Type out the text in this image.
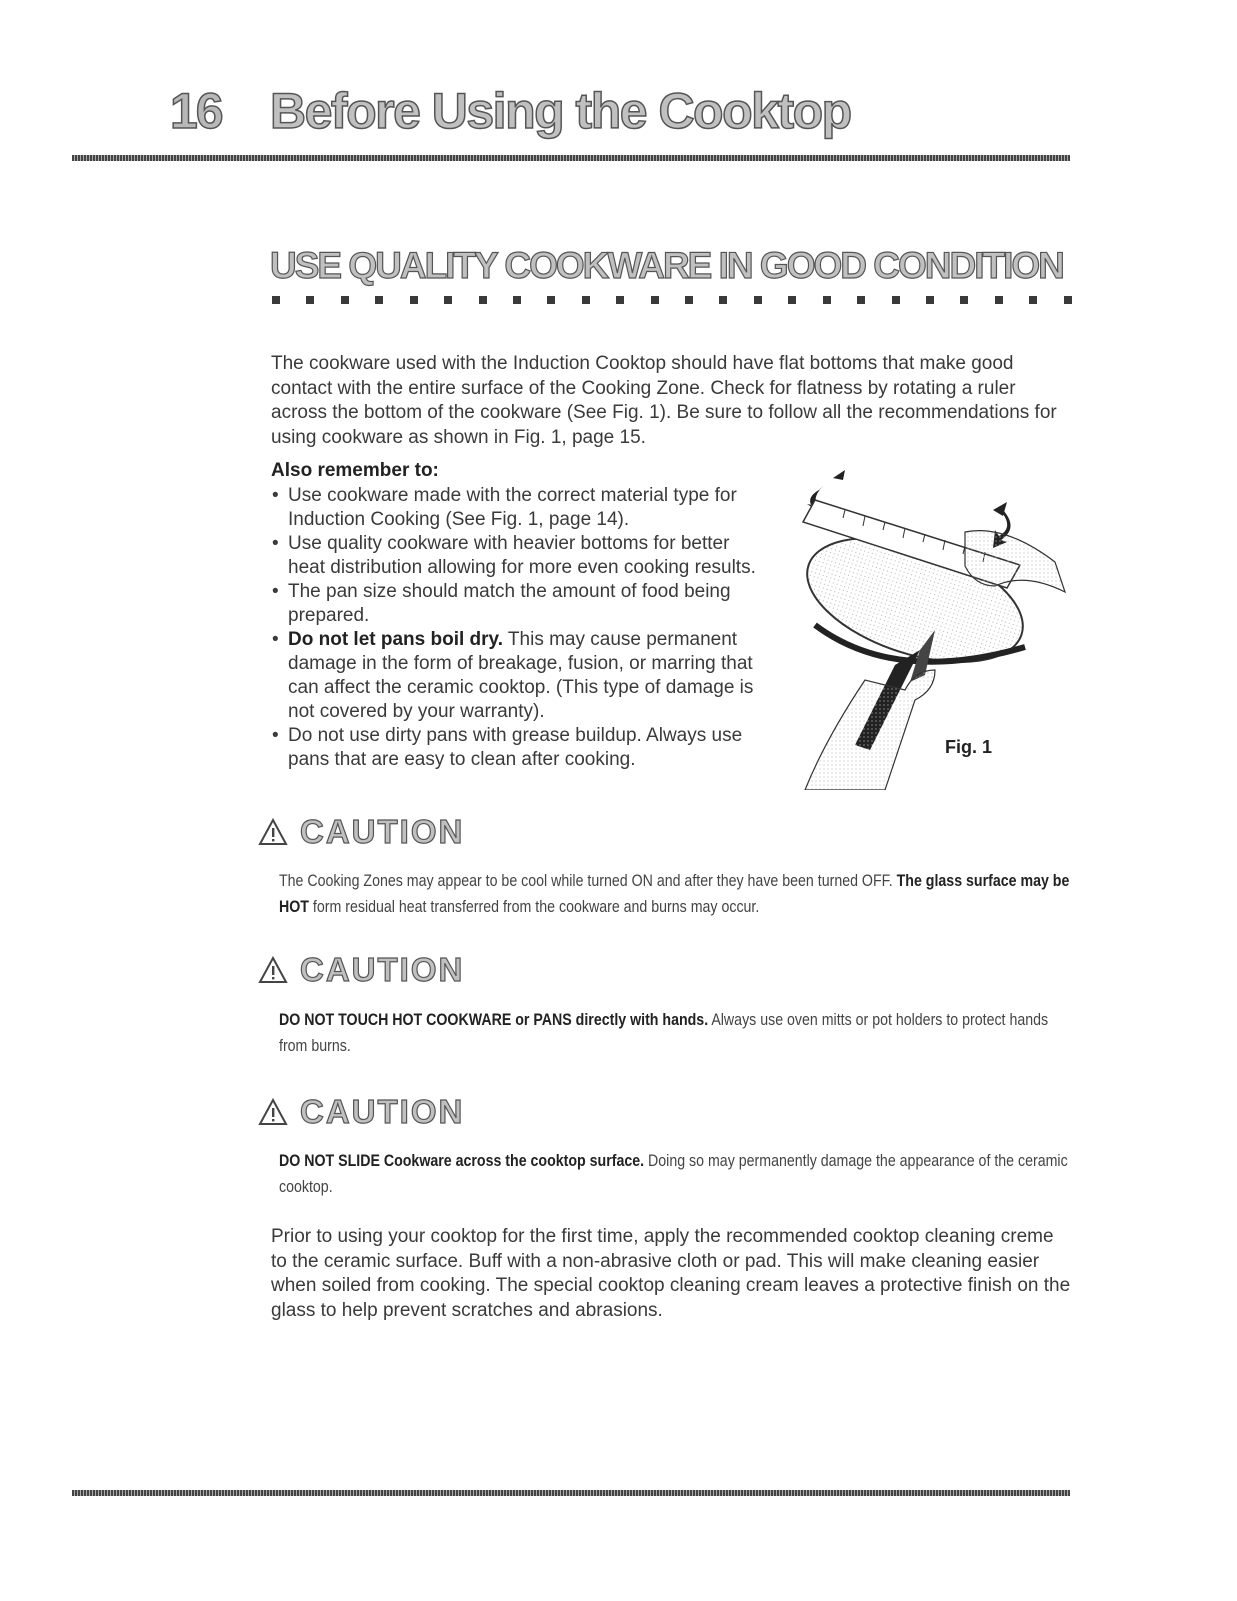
16 Before Using the Cooktop
USE QUALITY COOKWARE IN GOOD CONDITION

The cookware used with the Induction Cooktop should have flat bottoms that make good contact with the entire surface of the Cooking Zone. Check for flatness by rotating a ruler across the bottom of the cookware (See Fig. 1). Be sure to follow all the recommendations for using cookware as shown in Fig. 1, page 15.

Also remember to:

• Use cookware made with the correct material type for Induction Cooking (See Fig. 1, page 14).
• Use quality cookware with heavier bottoms for better heat distribution allowing for more even cooking results.
• The pan size should match the amount of food being prepared.
• Do not let pans boil dry. This may cause permanent damage in the form of breakage, fusion, or marring that can affect the ceramic cooktop. (This type of damage is not covered by your warranty).
• Do not use dirty pans with grease buildup. Always use pans that are easy to clean after cooking.
Fig. 1
CAUTION

The Cooking Zones may appear to be cool while turned ON and after they have been turned OFF. The glass surface may be HOT form residual heat transferred from the cookware and burns may occur.

CAUTION

DO NOT TOUCH HOT COOKWARE or PANS directly with hands. Always use oven mitts or pot holders to protect hands from burns.

CAUTION

DO NOT SLIDE Cookware across the cooktop surface. Doing so may permanently damage the appearance of the ceramic cooktop.

Prior to using your cooktop for the first time, apply the recommended cooktop cleaning creme to the ceramic surface. Buff with a non-abrasive cloth or pad. This will make cleaning easier when soiled from cooking. The special cooktop cleaning cream leaves a protective finish on the glass to help prevent scratches and abrasions.
